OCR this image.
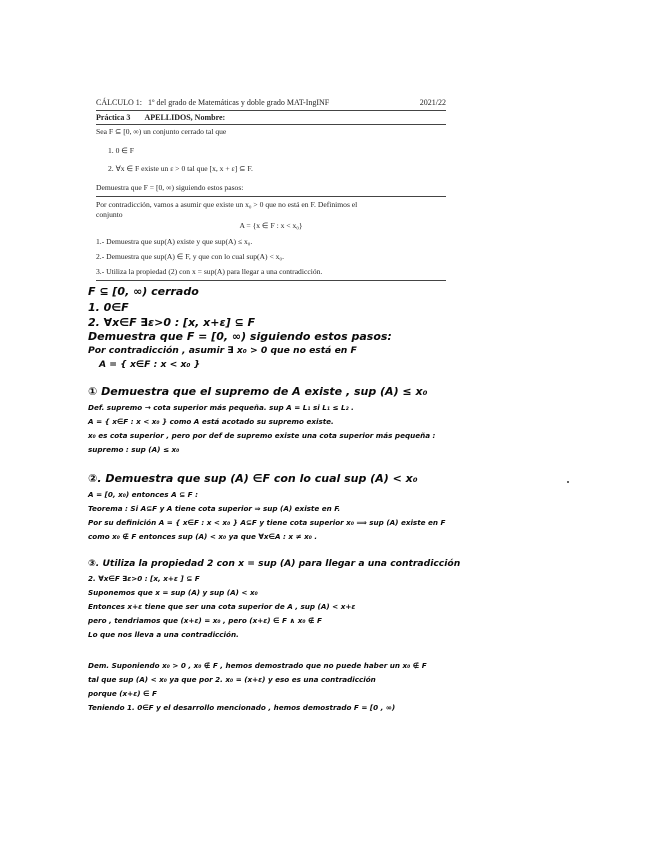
CÁLCULO 1: 1º del grado de Matemáticas y doble grado MAT-IngINF	2021/22
Práctica 3 APELLIDOS, Nombre:
Sea F ⊆ [0, ∞) un conjunto cerrado tal que
1. 0 ∈ F
2. ∀x ∈ F existe un ε > 0 tal que [x, x + ε] ⊆ F.
Demuestra que F = [0, ∞) siguiendo estos pasos:
Por contradicción, vamos a asumir que existe un x₀ > 0 que no está en F. Definimos el
conjunto
A = {x ∈ F : x < x₀}
1.- Demuestra que sup(A) existe y que sup(A) ≤ x₀.
2.- Demuestra que sup(A) ∈ F, y que con lo cual sup(A) < x₀.
3.- Utiliza la propiedad (2) con x = sup(A) para llegar a una contradicción.
F ⊆ [0, ∞) cerrado
1. 0∈F
2. ∀x∈F ∃ε>0 : [x, x+ε] ⊆ F
Demuestra que F = [0, ∞) siguiendo estos pasos:
Por contradicción , asumir ∃ x₀ > 0 que no está en F
A = { x∈F : x < x₀ }
① Demuestra que el supremo de A existe , sup (A) ≤ x₀
Def. supremo → cota superior más pequeña. sup A = L₁ si L₁ ≤ L₂ .
A = { x∈F : x < x₀ } como A está acotado su supremo existe.
x₀ es cota superior , pero por def de supremo existe una cota superior más pequeña :
supremo : sup (A) ≤ x₀
②. Demuestra que sup (A) ∈F con lo cual sup (A) < x₀
A = [0, x₀) entonces A ⊆ F :
Teorema : Si A⊆F y A tiene cota superior ⇒ sup (A) existe en F.
Por su definición A = { x∈F : x < x₀ } A⊆F y tiene cota superior x₀ ⟹ sup (A) existe en F
como x₀ ∉ F entonces sup (A) < x₀ ya que ∀x∈A : x ≠ x₀ .
③. Utiliza la propiedad 2 con x = sup (A) para llegar a una contradicción
2. ∀x∈F ∃ε>0 : [x, x+ε ] ⊆ F
Suponemos que x = sup (A) y sup (A) < x₀
Entonces x+ε tiene que ser una cota superior de A , sup (A) < x+ε
pero , tendriamos que (x+ε) = x₀ , pero (x+ε) ∈ F ∧ x₀ ∉ F
Lo que nos lleva a una contradicción.
Dem. Suponiendo x₀ > 0 , x₀ ∉ F , hemos demostrado que no puede haber un x₀ ∉ F
tal que sup (A) < x₀ ya que por 2. x₀ = (x+ε) y eso es una contradicción
porque (x+ε) ∈ F
Teniendo 1. 0∈F y el desarrollo mencionado , hemos demostrado F = [0 , ∞)
